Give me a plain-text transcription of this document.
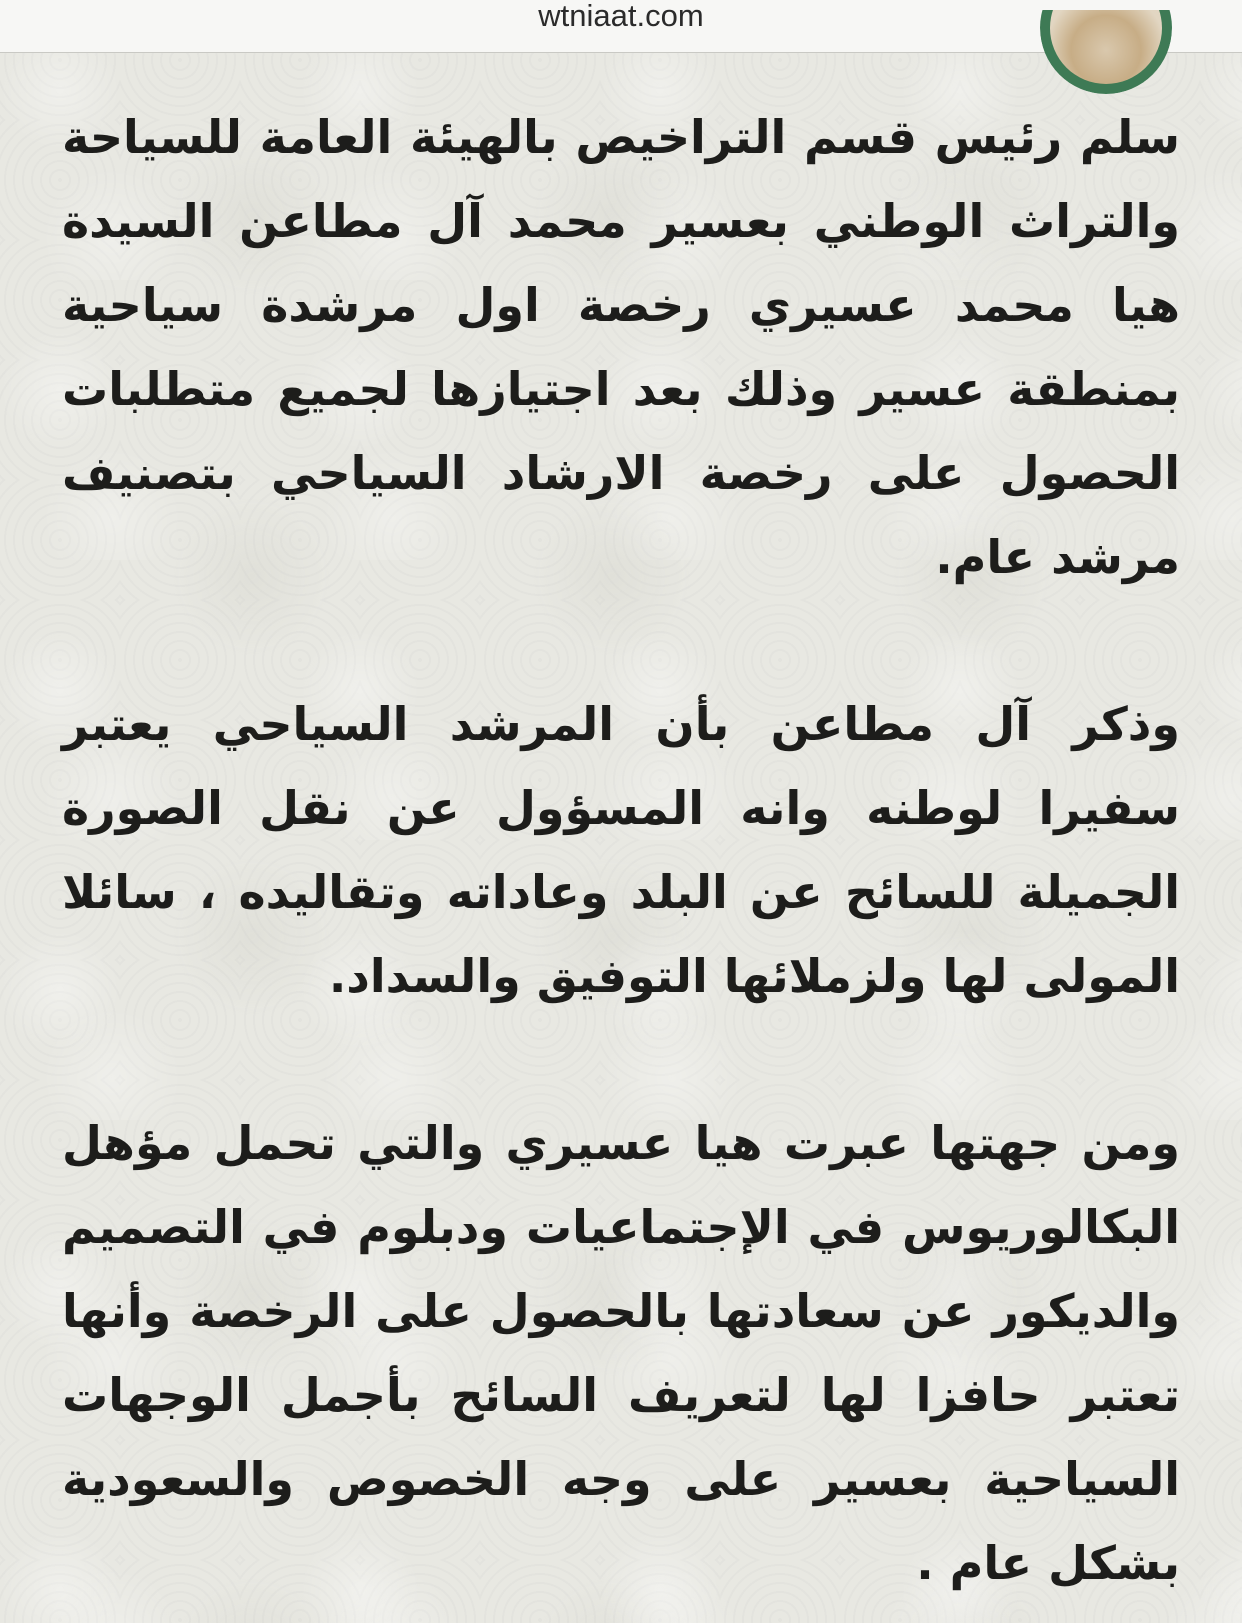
wtniaat.com

سلم رئيس قسم التراخيص بالهيئة العامة للسياحة والتراث الوطني بعسير محمد آل مطاعن السيدة هيا محمد عسيري رخصة اول مرشدة سياحية بمنطقة عسير وذلك بعد اجتيازها لجميع متطلبات الحصول على رخصة الارشاد السياحي بتصنيف مرشد عام.

وذكر آل مطاعن بأن المرشد السياحي يعتبر سفيرا لوطنه وانه المسؤول عن نقل الصورة الجميلة للسائح عن البلد وعاداته وتقاليده ، سائلا المولى لها ولزملائها التوفيق والسداد.

ومن جهتها عبرت هيا عسيري والتي تحمل مؤهل البكالوريوس في الإجتماعيات ودبلوم في التصميم والديكور عن سعادتها بالحصول على الرخصة وأنها تعتبر حافزا لها لتعريف السائح بأجمل الوجهات السياحية بعسير على وجه الخصوص والسعودية بشكل عام .
